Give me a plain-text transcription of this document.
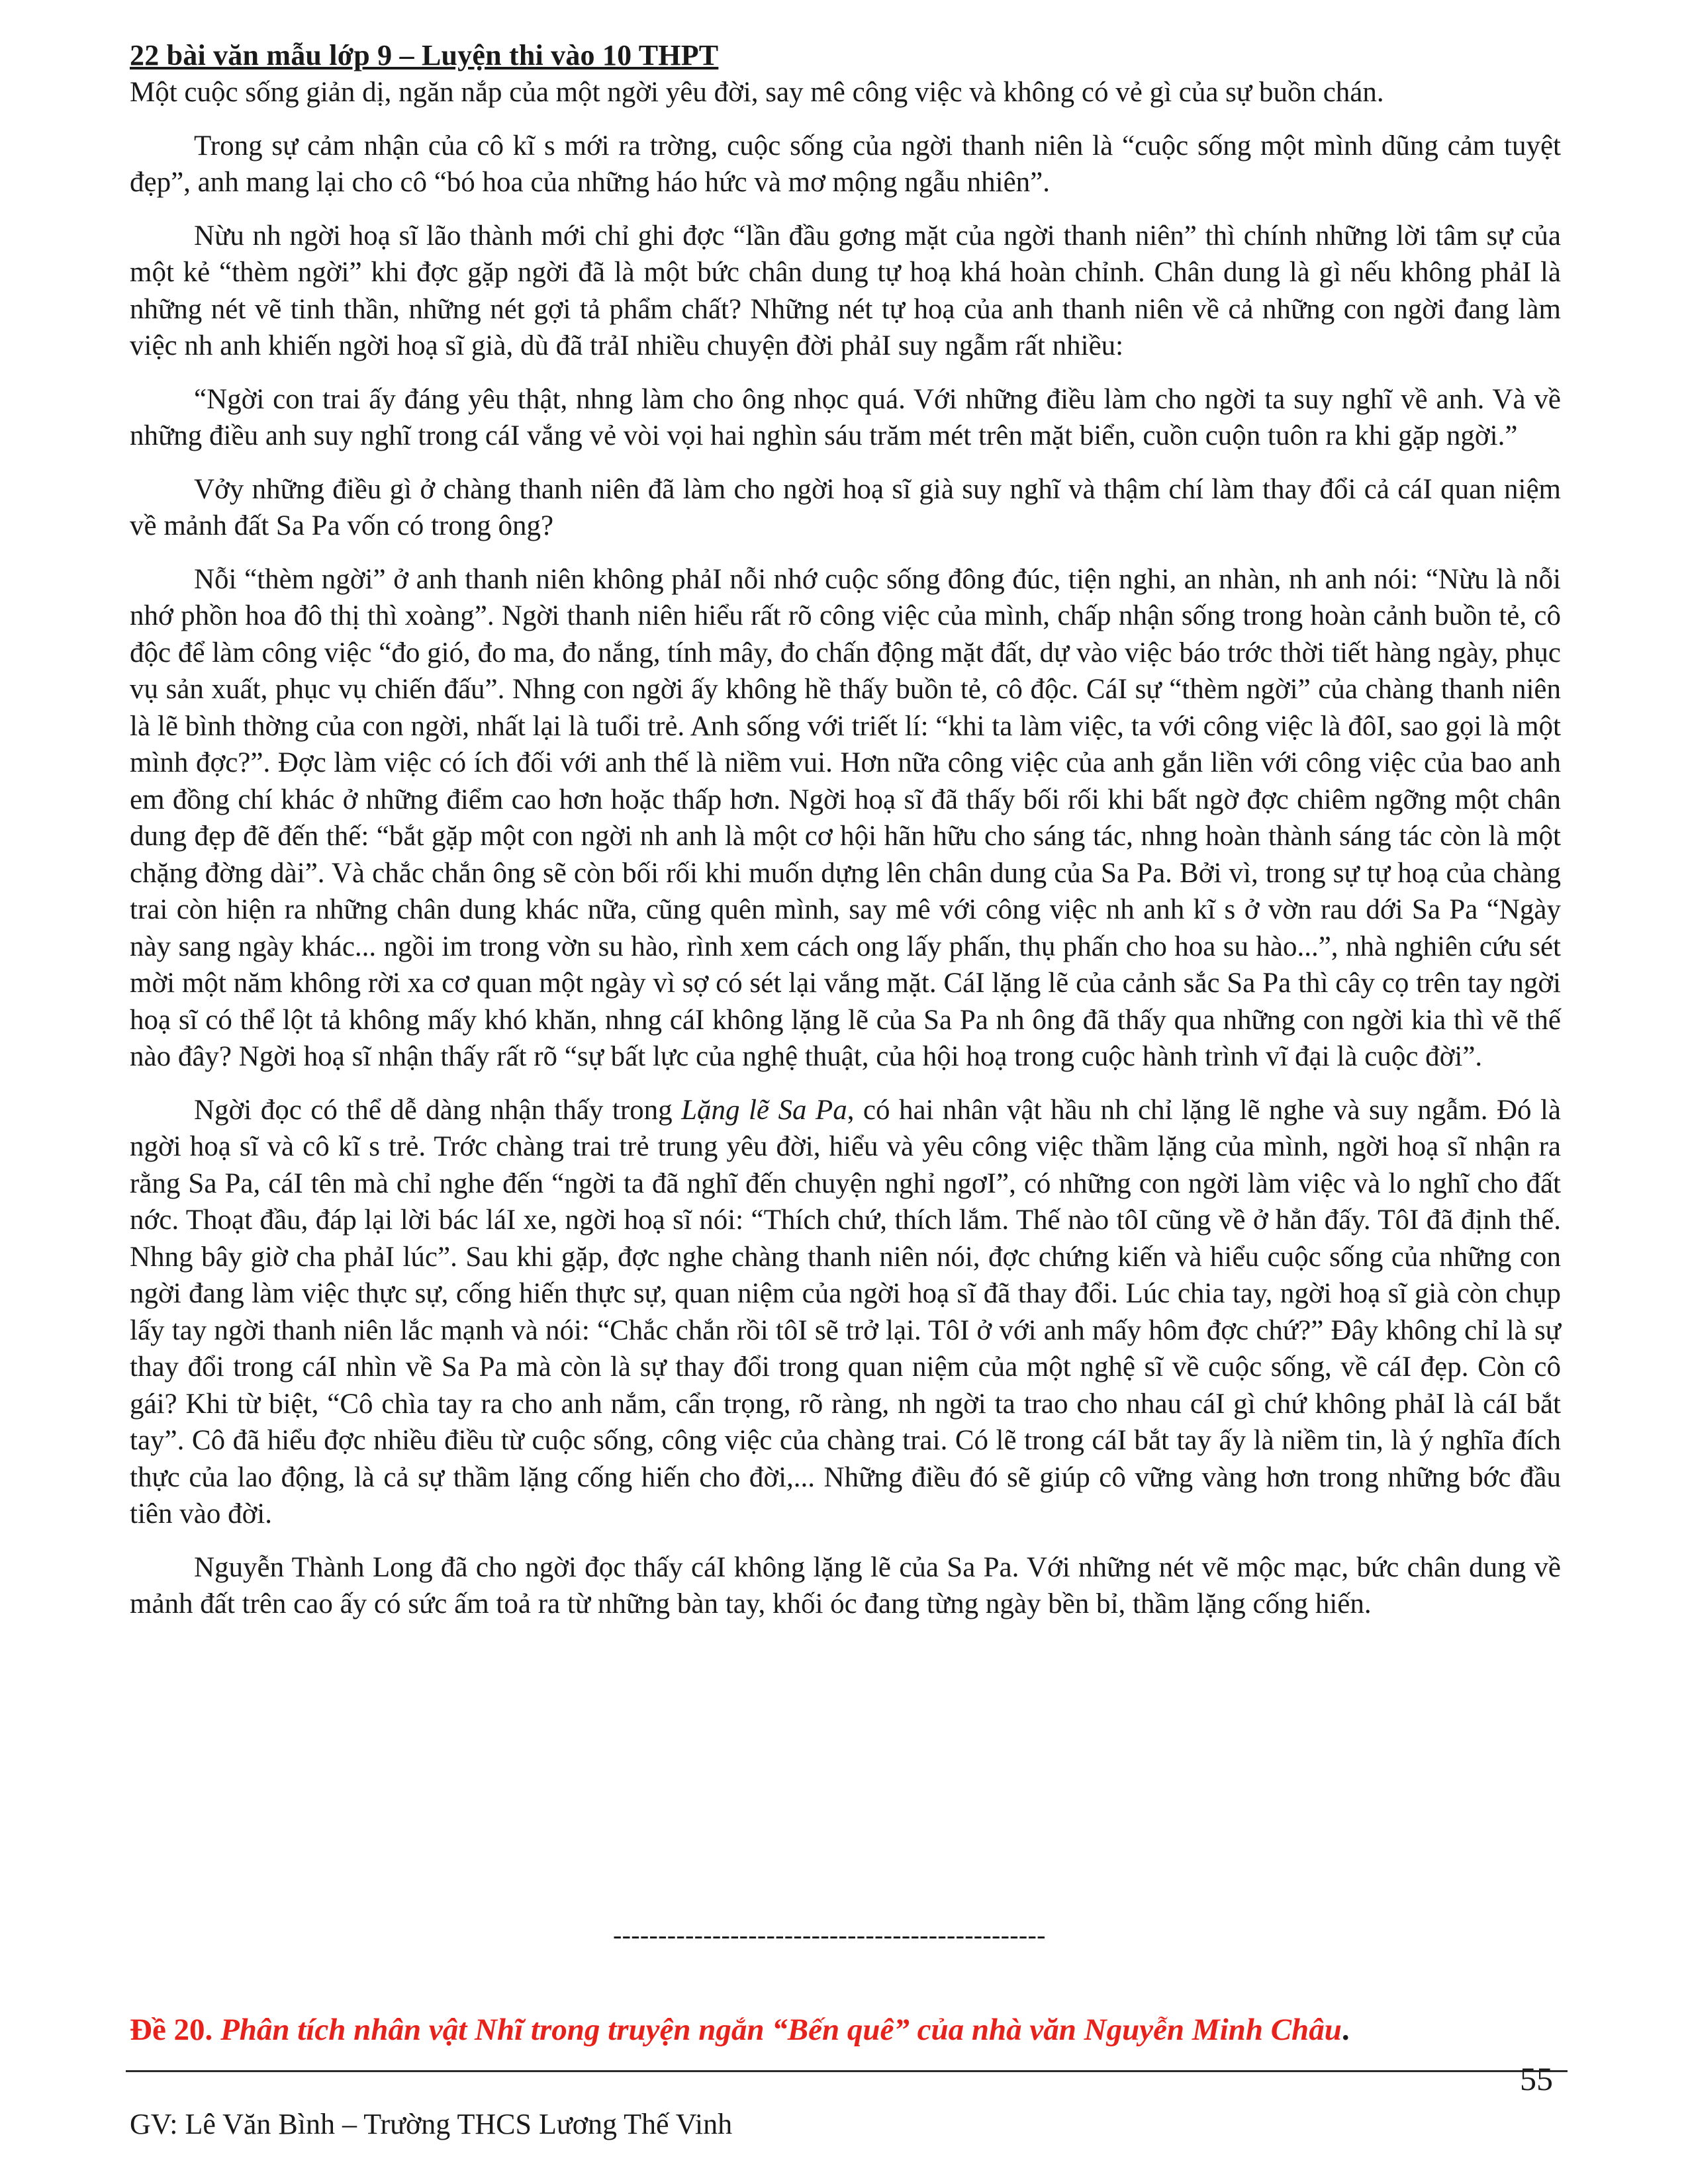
22 bài văn mẫu lớp 9 – Luyện thi vào 10 THPT

Một cuộc sống giản dị, ngăn nắp của một ngời yêu đời, say mê công việc và không có vẻ gì của sự buồn chán.

Trong sự cảm nhận của cô kĩ s mới ra trờng, cuộc sống của ngời thanh niên là “cuộc sống một mình dũng cảm tuyệt đẹp”, anh mang lại cho cô “bó hoa của những háo hức và mơ mộng ngẫu nhiên”.

Nừu nh ngời hoạ sĩ lão thành mới chỉ ghi đợc “lần đầu gơng mặt của ngời thanh niên” thì chính những lời tâm sự của một kẻ “thèm ngời” khi đợc gặp ngời đã là một bức chân dung tự hoạ khá hoàn chỉnh. Chân dung là gì nếu không phảI là những nét vẽ tinh thần, những nét gợi tả phẩm chất? Những nét tự hoạ của anh thanh niên về cả những con ngời đang làm việc nh anh khiến ngời hoạ sĩ già, dù đã trảI nhiều chuyện đời phảI suy ngẫm rất nhiều:

“Ngời con trai ấy đáng yêu thật, nhng làm cho ông nhọc quá. Với những điều làm cho ngời ta suy nghĩ về anh. Và về những điều anh suy nghĩ trong cáI vắng vẻ vòi vọi hai nghìn sáu trăm mét trên mặt biển, cuồn cuộn tuôn ra khi gặp ngời.”

Vởy những điều gì ở chàng thanh niên đã làm cho ngời hoạ sĩ già suy nghĩ và thậm chí làm thay đổi cả cáI quan niệm về mảnh đất Sa Pa vốn có trong ông?

Nỗi “thèm ngời” ở anh thanh niên không phảI nỗi nhớ cuộc sống đông đúc, tiện nghi, an nhàn, nh anh nói: “Nừu là nỗi nhớ phồn hoa đô thị thì xoàng”. Ngời thanh niên hiểu rất rõ công việc của mình, chấp nhận sống trong hoàn cảnh buồn tẻ, cô độc để làm công việc “đo gió, đo ma, đo nắng, tính mây, đo chấn động mặt đất, dự vào việc báo trớc thời tiết hàng ngày, phục vụ sản xuất, phục vụ chiến đấu”. Nhng con ngời ấy không hề thấy buồn tẻ, cô độc. CáI sự “thèm ngời” của chàng thanh niên là lẽ bình thờng của con ngời, nhất lại là tuổi trẻ. Anh sống với triết lí: “khi ta làm việc, ta với công việc là đôI, sao gọi là một mình đợc?”. Đợc làm việc có ích đối với anh thế là niềm vui. Hơn nữa công việc của anh gắn liền với công việc của bao anh em đồng chí khác ở những điểm cao hơn hoặc thấp hơn. Ngời hoạ sĩ đã thấy bối rối khi bất ngờ đợc chiêm ngỡng một chân dung đẹp đẽ đến thế: “bắt gặp một con ngời nh anh là một cơ hội hãn hữu cho sáng tác, nhng hoàn thành sáng tác còn là một chặng đờng dài”. Và chắc chắn ông sẽ còn bối rối khi muốn dựng lên chân dung của Sa Pa. Bởi vì, trong sự tự hoạ của chàng trai còn hiện ra những chân dung khác nữa, cũng quên mình, say mê với công việc nh anh kĩ s ở vờn rau dới Sa Pa “Ngày này sang ngày khác... ngồi im trong vờn su hào, rình xem cách ong lấy phấn, thụ phấn cho hoa su hào...”, nhà nghiên cứu sét mời một năm không rời xa cơ quan một ngày vì sợ có sét lại vắng mặt. CáI lặng lẽ của cảnh sắc Sa Pa thì cây cọ trên tay ngời hoạ sĩ có thể lột tả không mấy khó khăn, nhng cáI không lặng lẽ của Sa Pa nh ông đã thấy qua những con ngời kia thì vẽ thế nào đây? Ngời hoạ sĩ nhận thấy rất rõ “sự bất lực của nghệ thuật, của hội hoạ trong cuộc hành trình vĩ đại là cuộc đời”.

Ngời đọc có thể dễ dàng nhận thấy trong Lặng lẽ Sa Pa, có hai nhân vật hầu nh chỉ lặng lẽ nghe và suy ngẫm. Đó là ngời hoạ sĩ và cô kĩ s trẻ. Trớc chàng trai trẻ trung yêu đời, hiểu và yêu công việc thầm lặng của mình, ngời hoạ sĩ nhận ra rằng Sa Pa, cáI tên mà chỉ nghe đến “ngời ta đã nghĩ đến chuyện nghỉ ngơI”, có những con ngời làm việc và lo nghĩ cho đất nớc. Thoạt đầu, đáp lại lời bác láI xe, ngời hoạ sĩ nói: “Thích chứ, thích lắm. Thế nào tôI cũng về ở hẳn đấy. TôI đã định thế. Nhng bây giờ cha phảI lúc”. Sau khi gặp, đợc nghe chàng thanh niên nói, đợc chứng kiến và hiểu cuộc sống của những con ngời đang làm việc thực sự, cống hiến thực sự, quan niệm của ngời hoạ sĩ đã thay đổi. Lúc chia tay, ngời hoạ sĩ già còn chụp lấy tay ngời thanh niên lắc mạnh và nói: “Chắc chắn rồi tôI sẽ trở lại. TôI ở với anh mấy hôm đợc chứ?” Đây không chỉ là sự thay đổi trong cáI nhìn về Sa Pa mà còn là sự thay đổi trong quan niệm của một nghệ sĩ về cuộc sống, về cáI đẹp. Còn cô gái? Khi từ biệt, “Cô chìa tay ra cho anh nắm, cẩn trọng, rõ ràng, nh ngời ta trao cho nhau cáI gì chứ không phảI là cáI bắt tay”. Cô đã hiểu đợc nhiều điều từ cuộc sống, công việc của chàng trai. Có lẽ trong cáI bắt tay ấy là niềm tin, là ý nghĩa đích thực của lao động, là cả sự thầm lặng cống hiến cho đời,... Những điều đó sẽ giúp cô vững vàng hơn trong những bớc đầu tiên vào đời.

Nguyễn Thành Long đã cho ngời đọc thấy cáI không lặng lẽ của Sa Pa. Với những nét vẽ mộc mạc, bức chân dung về mảnh đất trên cao ấy có sức ấm toả ra từ những bàn tay, khối óc đang từng ngày bền bỉ, thầm lặng cống hiến.

------------------------------------------------
Đề 20. Phân tích nhân vật Nhĩ trong truyện ngắn “Bến quê” của nhà văn Nguyễn Minh Châu.
55
GV: Lê Văn Bình – Trường THCS Lương Thế Vinh
